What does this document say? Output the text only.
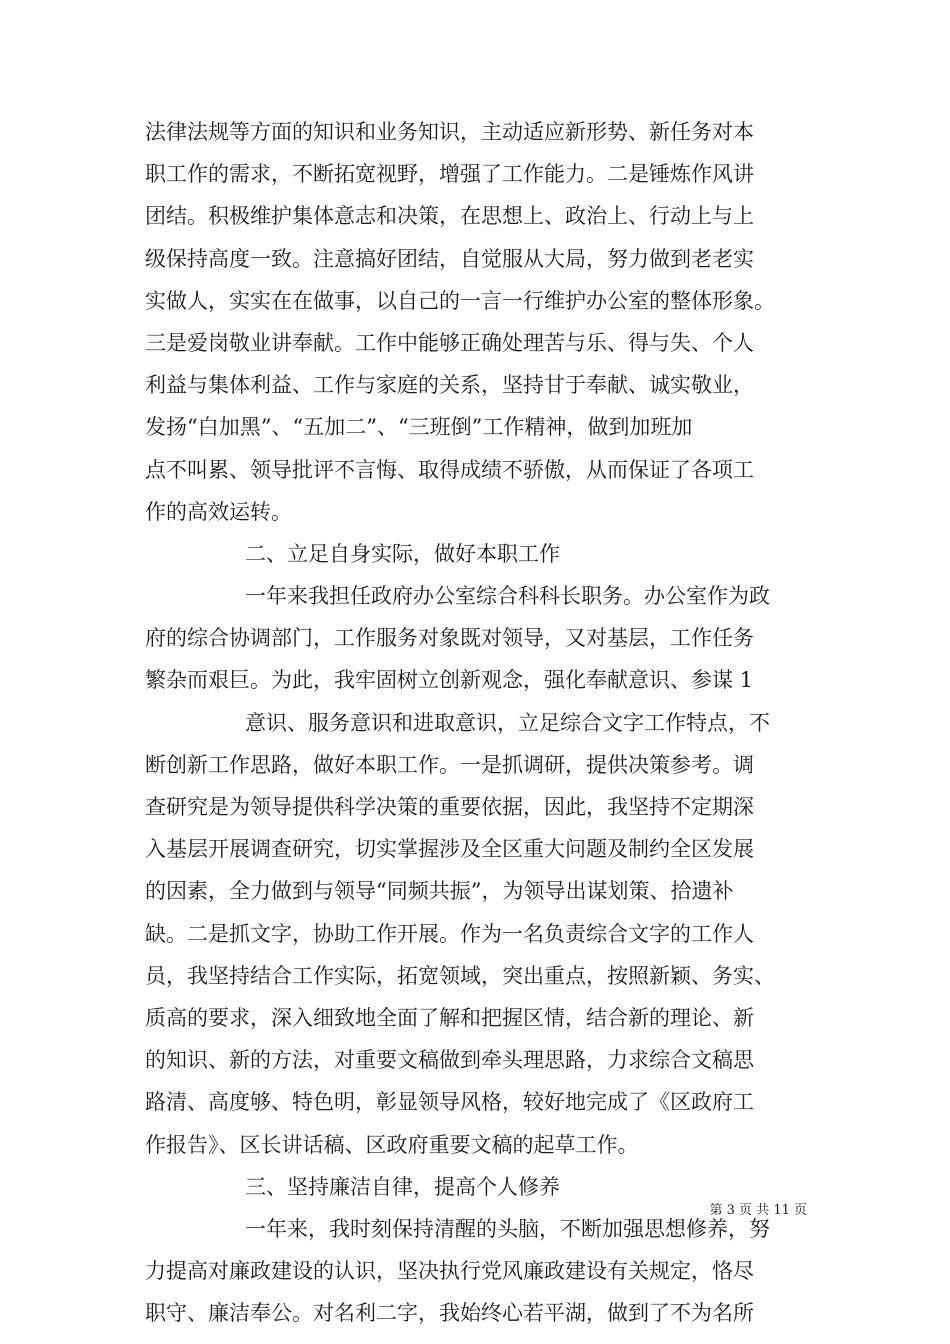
法律法规等方面的知识和业务知识，主动适应新形势、新任务对本
职工作的需求，不断拓宽视野，增强了工作能力。二是锤炼作风讲
团结。积极维护集体意志和决策，在思想上、政治上、行动上与上
级保持高度一致。注意搞好团结，自觉服从大局，努力做到老老实
实做人，实实在在做事，以自己的一言一行维护办公室的整体形象。
三是爱岗敬业讲奉献。工作中能够正确处理苦与乐、得与失、个人
利益与集体利益、工作与家庭的关系，坚持甘于奉献、诚实敬业，
发扬“白加黑”、“五加二”、“三班倒”工作精神，做到加班加
点不叫累、领导批评不言悔、取得成绩不骄傲，从而保证了各项工
作的高效运转。
二、立足自身实际，做好本职工作
一年来我担任政府办公室综合科科长职务。办公室作为政
府的综合协调部门，工作服务对象既对领导，又对基层，工作任务
繁杂而艰巨。为此，我牢固树立创新观念，强化奉献意识、参谋 1
意识、服务意识和进取意识，立足综合文字工作特点，不
断创新工作思路，做好本职工作。一是抓调研，提供决策参考。调
查研究是为领导提供科学决策的重要依据，因此，我坚持不定期深
入基层开展调查研究，切实掌握涉及全区重大问题及制约全区发展
的因素，全力做到与领导“同频共振”，为领导出谋划策、拾遗补
缺。二是抓文字，协助工作开展。作为一名负责综合文字的工作人
员，我坚持结合工作实际，拓宽领域，突出重点，按照新颖、务实、
质高的要求，深入细致地全面了解和把握区情，结合新的理论、新
的知识、新的方法，对重要文稿做到牵头理思路，力求综合文稿思
路清、高度够、特色明，彰显领导风格，较好地完成了《区政府工
作报告》、区长讲话稿、区政府重要文稿的起草工作。
三、坚持廉洁自律，提高个人修养
一年来，我时刻保持清醒的头脑，不断加强思想修养，努
力提高对廉政建设的认识，坚决执行党风廉政建设有关规定，恪尽
职守、廉洁奉公。对名利二字，我始终心若平湖，做到了不为名所
第 3 页 共 11 页
